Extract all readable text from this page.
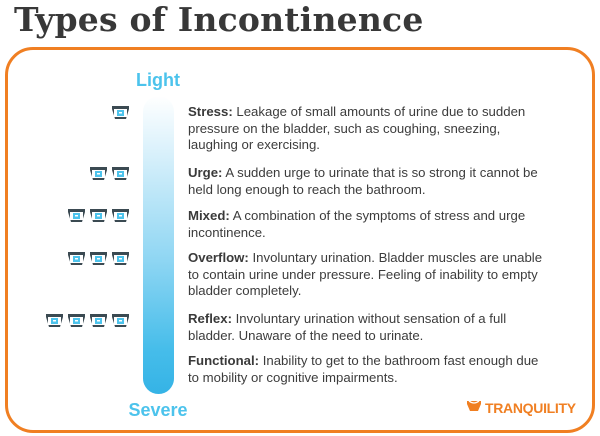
Types of Incontinence
Light
Severe
Stress: Leakage of small amounts of urine due to sudden pressure on the bladder, such as coughing, sneezing, laughing or exercising.
Urge: A sudden urge to urinate that is so strong it cannot be held long enough to reach the bathroom.
Mixed: A combination of the symptoms of stress and urge incontinence.
Overflow: Involuntary urination. Bladder muscles are unable to contain urine under pressure. Feeling of inability to empty bladder completely.
Reflex: Involuntary urination without sensation of a full bladder. Unaware of the need to urinate.
Functional: Inability to get to the bathroom fast enough due to mobility or cognitive impairments.
TRANQUILITY
